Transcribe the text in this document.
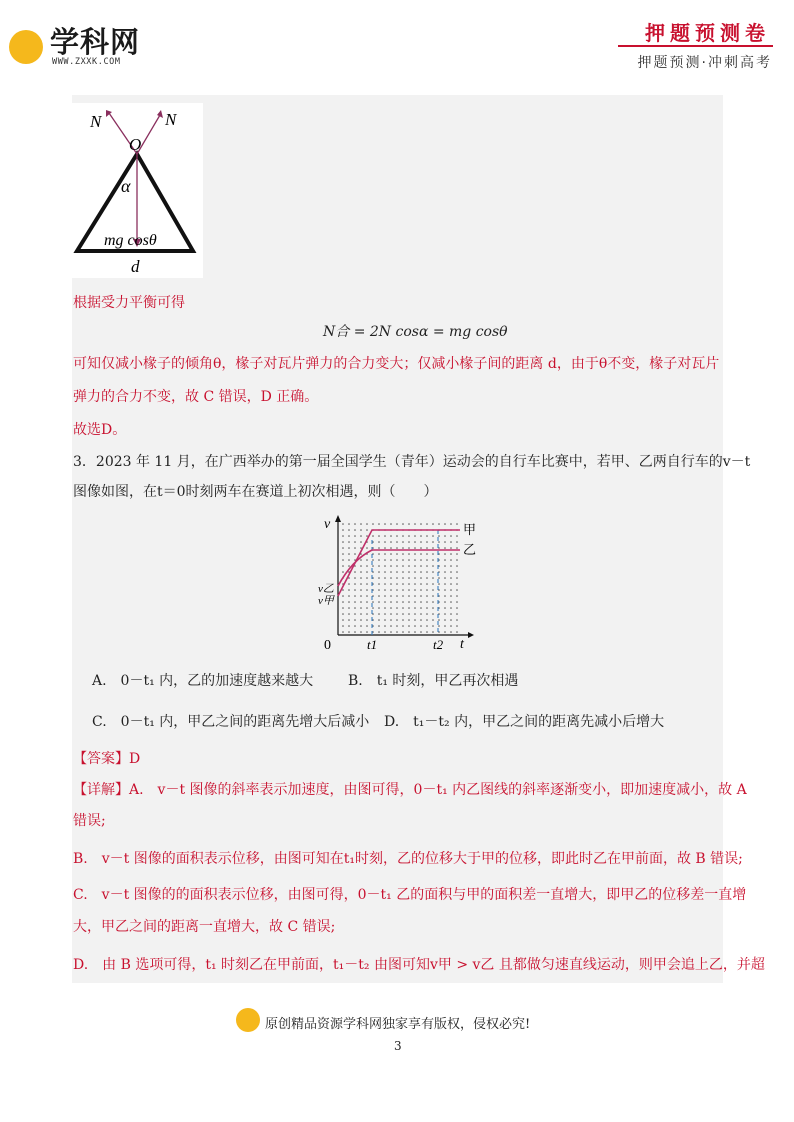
学科网
WWW.ZXXK.COM
押题预测卷
押题预测·冲刺高考
N	N
O
α
mg cosθ
d
根据受力平衡可得
N合 = 2N cosα = mg cosθ
可知仅减小椽子的倾角θ，椽子对瓦片弹力的合力变大；仅减小椽子间的距离 d，由于θ不变，椽子对瓦片
弹力的合力不变，故 C 错误，D 正确。
故选D。
3．2023 年 11 月，在广西举办的第一届全国学生（青年）运动会的自行车比赛中，若甲、乙两自行车的v－t
图像如图，在t＝0时刻两车在赛道上初次相遇，则（　　）
v
t
0	t1	t2
v乙
v甲
甲
乙
A.　0－t₁ 内，乙的加速度越来越大 B.　t₁ 时刻，甲乙再次相遇
C.　0－t₁ 内，甲乙之间的距离先增大后减小 D.　t₁－t₂ 内，甲乙之间的距离先减小后增大
【答案】D
【详解】A.　v－t 图像的斜率表示加速度，由图可得，0－t₁ 内乙图线的斜率逐渐变小，即加速度减小，故 A
错误;
B.　v－t 图像的面积表示位移，由图可知在t₁时刻，乙的位移大于甲的位移，即此时乙在甲前面，故 B 错误;
C.　v－t 图像的的面积表示位移，由图可得，0－t₁ 乙的面积与甲的面积差一直增大，即甲乙的位移差一直增
大，甲乙之间的距离一直增大，故 C 错误;
D.　由 B 选项可得，t₁ 时刻乙在甲前面，t₁－t₂ 由图可知v甲 > v乙 且都做匀速直线运动，则甲会追上乙，并超
原创精品资源学科网独家享有版权，侵权必究!
3
